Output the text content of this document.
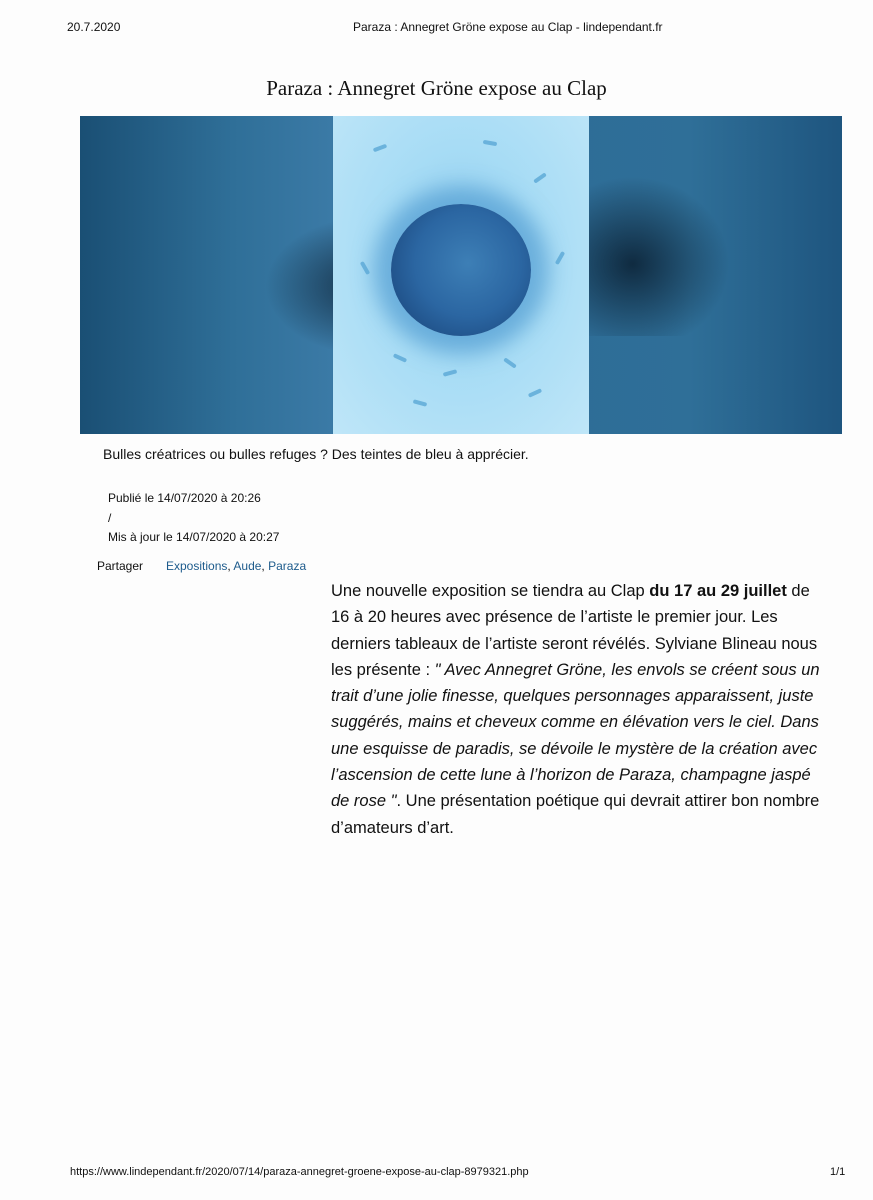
20.7.2020	Paraza : Annegret Gröne expose au Clap - lindependant.fr
Paraza : Annegret Gröne expose au Clap
Bulles créatrices ou bulles refuges ? Des teintes de bleu à apprécier.
Publié le 14/07/2020 à 20:26
/
Mis à jour le 14/07/2020 à 20:27
Partager Expositions, Aude, Paraza
Une nouvelle exposition se tiendra au Clap du 17 au 29 juillet de 16 à 20 heures avec présence de l’artiste le premier jour. Les derniers tableaux de l’artiste seront révélés. Sylviane Blineau nous les présente : " Avec Annegret Gröne, les envols se créent sous un trait d’une jolie finesse, quelques personnages apparaissent, juste suggérés, mains et cheveux comme en élévation vers le ciel. Dans une esquisse de paradis, se dévoile le mystère de la création avec l’ascension de cette lune à l’horizon de Paraza, champagne jaspé de rose ". Une présentation poétique qui devrait attirer bon nombre d’amateurs d’art.
https://www.lindependant.fr/2020/07/14/paraza-annegret-groene-expose-au-clap-8979321.php	1/1
